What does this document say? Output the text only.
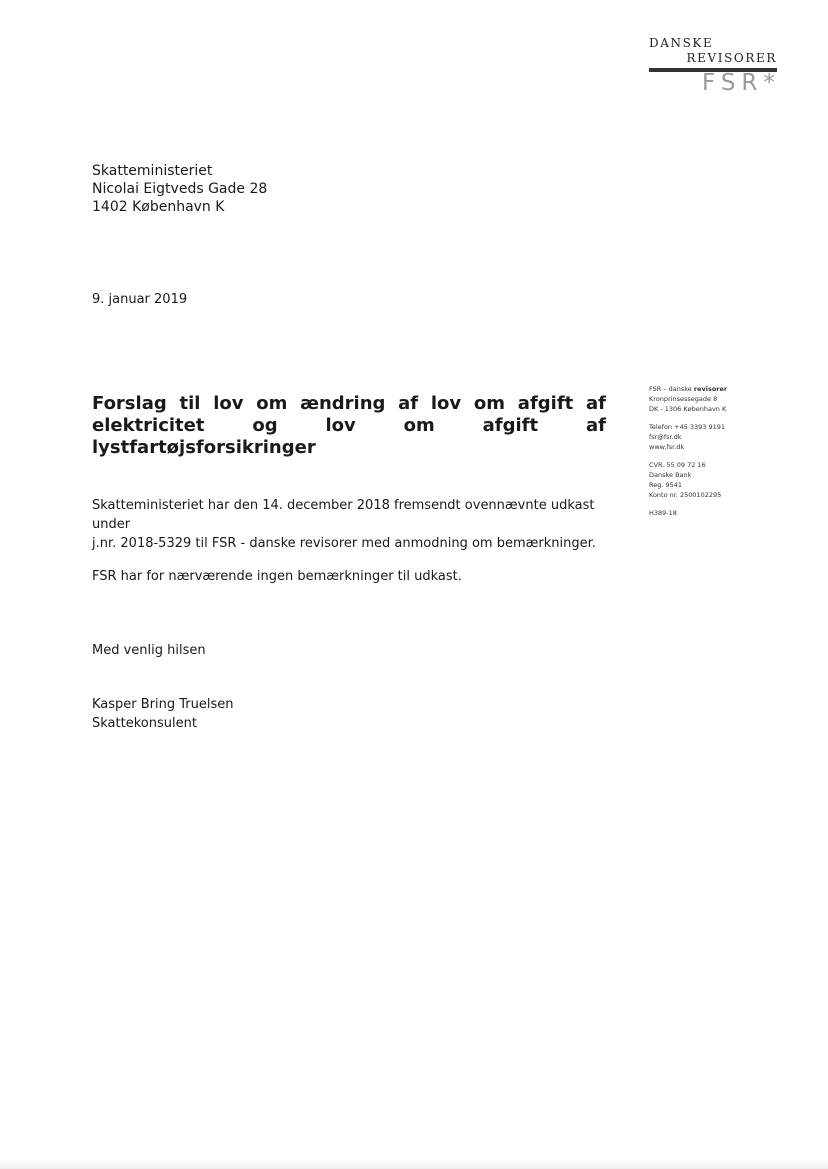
DANSKE
REVISORER
FSR*
Skatteministeriet
Nicolai Eigtveds Gade 28
1402 København K
9. januar 2019
Forslag til lov om ændring af lov om afgift af
elektricitet	og	lov	om	afgift	af
lystfartøjsforsikringer
Skatteministeriet har den 14. december 2018 fremsendt ovennævnte udkast under
j.nr. 2018-5329 til FSR - danske revisorer med anmodning om bemærkninger.
FSR har for nærværende ingen bemærkninger til udkast.
Med venlig hilsen
Kasper Bring Truelsen
Skattekonsulent
FSR – danske revisorer
Kronprinsessegade 8
DK - 1306 København K
Telefon +45 3393 9191
fsr@fsr.dk
www.fsr.dk
CVR. 55 09 72 16
Danske Bank
Reg. 9541
Konto nr. 2500102295
H389-18
